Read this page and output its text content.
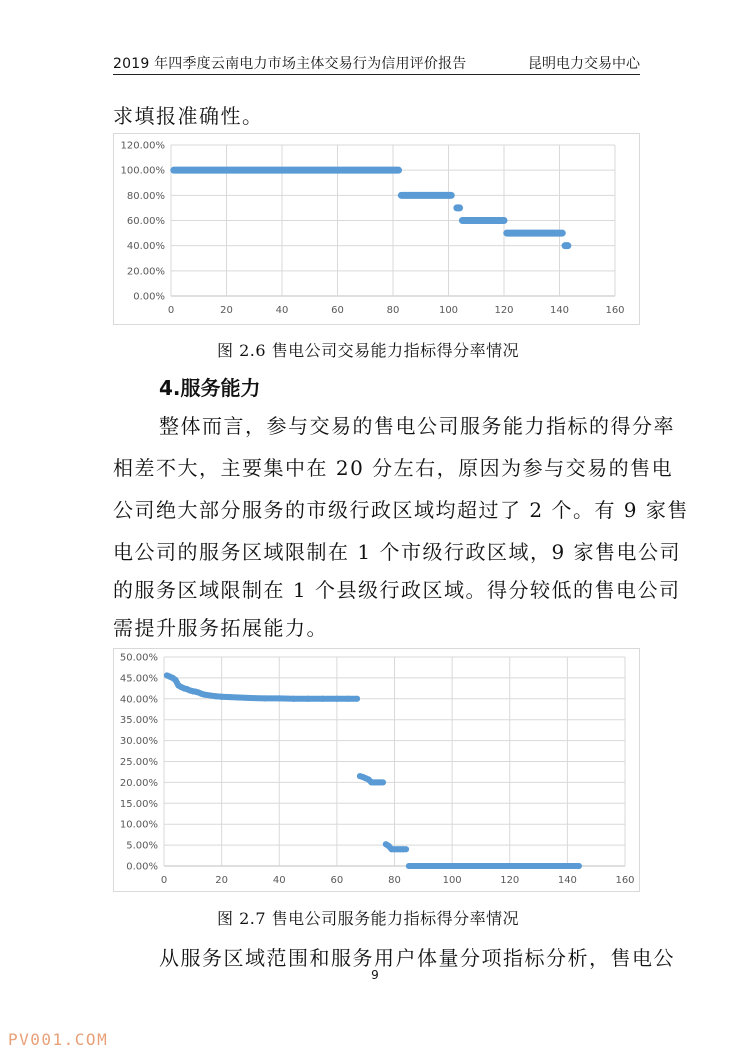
2019 年四季度云南电力市场主体交易行为信用评价报告	昆明电力交易中心
求填报准确性。
0.00%
20.00%
40.00%
60.00%
80.00%
100.00%
120.00%
0	20	40	60	80	100	120	140	160
图 2.6 售电公司交易能力指标得分率情况
4.服务能力
整体而言，参与交易的售电公司服务能力指标的得分率
相差不大，主要集中在 20 分左右，原因为参与交易的售电
公司绝大部分服务的市级行政区域均超过了 2 个。有 9 家售
电公司的服务区域限制在 1 个市级行政区域，9 家售电公司
的服务区域限制在 1 个县级行政区域。得分较低的售电公司
需提升服务拓展能力。
0.00%
5.00%
10.00%
15.00%
20.00%
25.00%
30.00%
35.00%
40.00%
45.00%
50.00%
0	20	40	60	80	100	120	140	160
图 2.7 售电公司服务能力指标得分率情况
从服务区域范围和服务用户体量分项指标分析，售电公
9
PV001.COM
